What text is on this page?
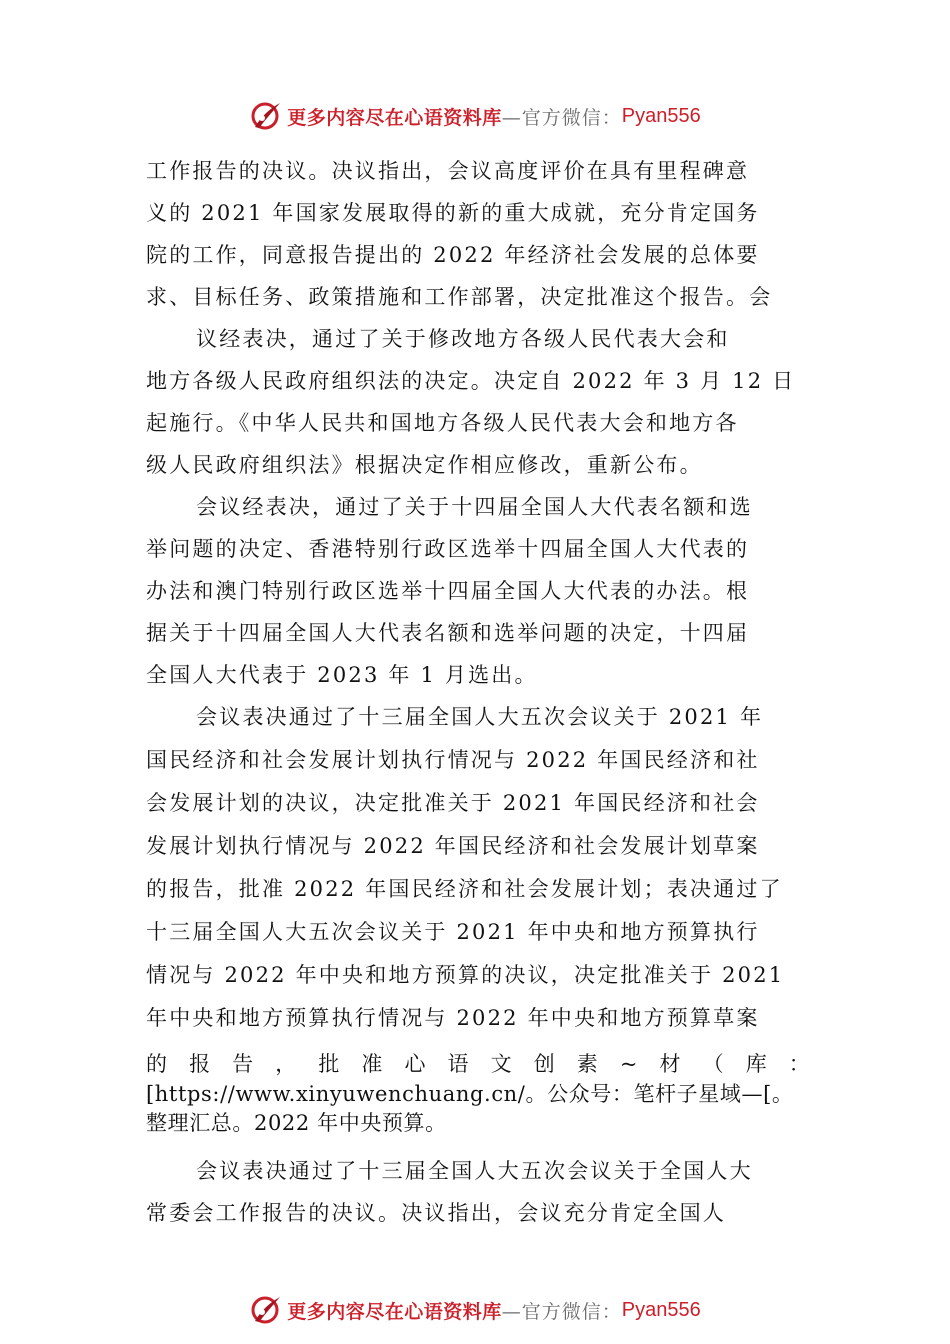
更多内容尽在心语资料库 —官方微信： Pyan556
工作报告的决议。决议指出，会议高度评价在具有里程碑意
义的 2021 年国家发展取得的新的重大成就，充分肯定国务
院的工作，同意报告提出的 2022 年经济社会发展的总体要
求、目标任务、政策措施和工作部署，决定批准这个报告。会
议经表决，通过了关于修改地方各级人民代表大会和
地方各级人民政府组织法的决定。决定自 2022 年 3 月 12 日
起施行。《中华人民共和国地方各级人民代表大会和地方各
级人民政府组织法》根据决定作相应修改，重新公布。
会议经表决，通过了关于十四届全国人大代表名额和选
举问题的决定、香港特别行政区选举十四届全国人大代表的
办法和澳门特别行政区选举十四届全国人大代表的办法。根
据关于十四届全国人大代表名额和选举问题的决定，十四届
全国人大代表于 2023 年 1 月选出。
会议表决通过了十三届全国人大五次会议关于 2021 年
国民经济和社会发展计划执行情况与 2022 年国民经济和社
会发展计划的决议，决定批准关于 2021 年国民经济和社会
发展计划执行情况与 2022 年国民经济和社会发展计划草案
的报告，批准 2022 年国民经济和社会发展计划；表决通过了
十三届全国人大五次会议关于 2021 年中央和地方预算执行
情况与 2022 年中央和地方预算的决议，决定批准关于 2021
年中央和地方预算执行情况与 2022 年中央和地方预算草案
的 报 告 ， 批 准 心 语 文 创 素 ~ 材 （ 库 ：
[https://www.xinyuwenchuang.cn/。公众号：笔杆子星域—[。
整理汇总。2022 年中央预算。
会议表决通过了十三届全国人大五次会议关于全国人大
常委会工作报告的决议。决议指出，会议充分肯定全国人
更多内容尽在心语资料库 —官方微信： Pyan556
